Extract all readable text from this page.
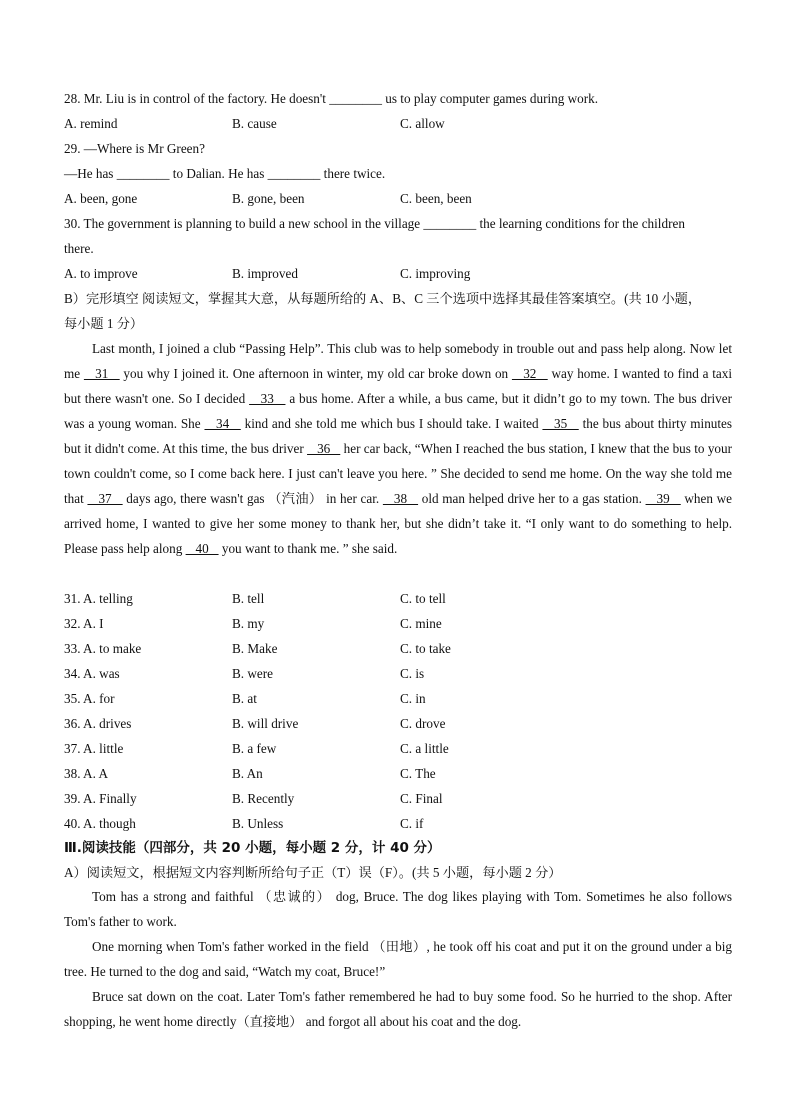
28. Mr. Liu is in control of the factory. He doesn't ________ us to play computer games during work.
A. remind	B. cause	C. allow
29. —Where is Mr Green?
—He has ________ to Dalian. He has ________ there twice.
A. been, gone	B. gone, been	C. been, been
30. The government is planning to build a new school in the village ________ the learning conditions for the children
there.
A. to improve	B. improved	C. improving
B）完形填空 阅读短文，掌握其大意，从每题所给的 A、B、C 三个选项中选择其最佳答案填空。(共 10 小题，
每小题 1 分）

Last month, I joined a club “Passing Help”. This club was to help somebody in trouble out and pass help along. Now let me    31    you why I joined it. One afternoon in winter, my old car broke down on    32    way home. I wanted to find a taxi but there wasn't one. So I decided    33    a bus home. After a while, a bus came, but it didn’t go to my town. The bus driver was a young woman. She    34    kind and she told me which bus I should take. I waited    35    the bus about thirty minutes but it didn't come. At this time, the bus driver    36    her car back, “When I reached the bus station, I knew that the bus to your town couldn't come, so I come back here. I just can't leave you here. ” She decided to send me home. On the way she told me that    37    days ago, there wasn't gas （汽油） in her car.    38    old man helped drive her to a gas station.    39    when we arrived home, I wanted to give her some money to thank her, but she didn’t take it. “I only want to do something to help. Please pass help along    40    you want to thank me. ” she said.

31. A. telling	B. tell	C. to tell
32. A. I	B. my	C. mine
33. A. to make	B. Make	C. to take
34. A. was	B. were	C. is
35. A. for	B. at	C. in
36. A. drives	B. will drive	C. drove
37. A. little	B. a few	C. a little
38. A. A	B. An	C. The
39. A. Finally	B. Recently	C. Final
40. A. though	B. Unless	C. if
Ⅲ.阅读技能（四部分，共 20 小题，每小题 2 分，计 40 分）
A）阅读短文，根据短文内容判断所给句子正（T）误（F）。(共 5 小题，每小题 2 分）

Tom has a strong and faithful （忠诚的） dog, Bruce. The dog likes playing with Tom. Sometimes he also follows Tom's father to work.

One morning when Tom's father worked in the field （田地）, he took off his coat and put it on the ground under a big tree. He turned to the dog and said, “Watch my coat, Bruce!”

Bruce sat down on the coat. Later Tom's father remembered he had to buy some food. So he hurried to the shop. After shopping, he went home directly（直接地） and forgot all about his coat and the dog.
